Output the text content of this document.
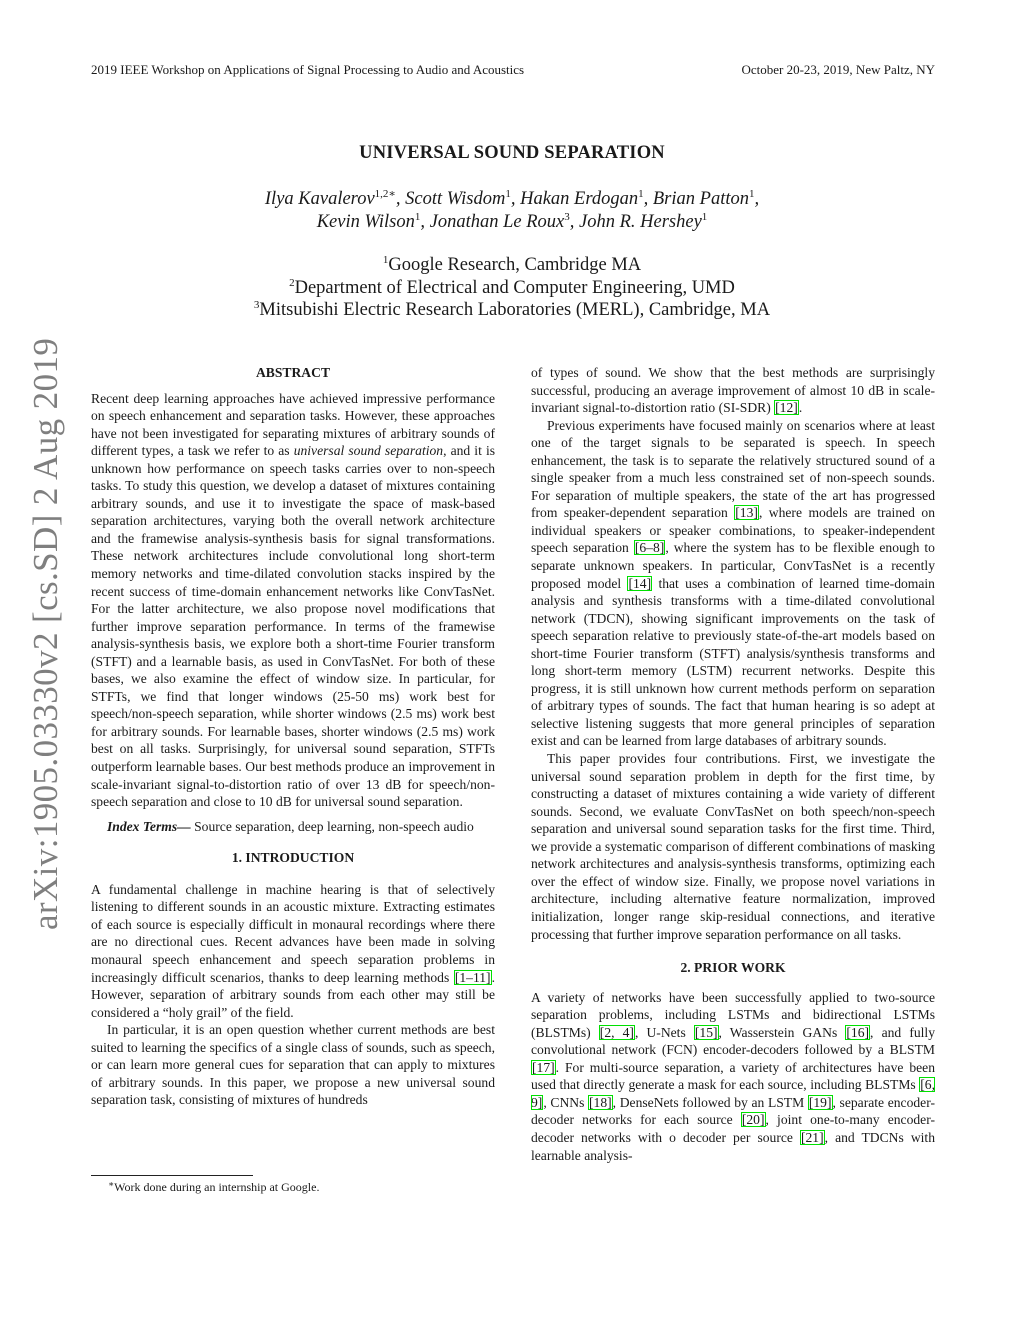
2019 IEEE Workshop on Applications of Signal Processing to Audio and Acoustics	October 20-23, 2019, New Paltz, NY
UNIVERSAL SOUND SEPARATION
Ilya Kavalerov$^{1,2∗}$, Scott Wisdom$^1$, Hakan Erdogan$^1$, Brian Patton$^1$,
Kevin Wilson$^1$, Jonathan Le Roux$^3$, John R. Hershey$^1$
$^1$Google Research, Cambridge MA
$^2$Department of Electrical and Computer Engineering, UMD
$^3$Mitsubishi Electric Research Laboratories (MERL), Cambridge, MA
arXiv:1905.03330v2 [cs.SD] 2 Aug 2019	ABSTRACT

Recent deep learning approaches have achieved impressive performance on speech enhancement and separation tasks. However, these approaches have not been investigated for separating mixtures of arbitrary sounds of different types, a task we refer to as universal sound separation, and it is unknown how performance on speech tasks carries over to non-speech tasks. To study this question, we develop a dataset of mixtures containing arbitrary sounds, and use it to investigate the space of mask-based separation architectures, varying both the overall network architecture and the framewise analysis-synthesis basis for signal transformations. These network architectures include convolutional long short-term memory networks and time-dilated convolution stacks inspired by the recent success of time-domain enhancement networks like ConvTasNet. For the latter architecture, we also propose novel modifications that further improve separation performance. In terms of the framewise analysis-synthesis basis, we explore both a short-time Fourier transform (STFT) and a learnable basis, as used in ConvTasNet. For both of these bases, we also examine the effect of window size. In particular, for STFTs, we find that longer windows (25-50 ms) work best for speech/non-speech separation, while shorter windows (2.5 ms) work best for arbitrary sounds. For learnable bases, shorter windows (2.5 ms) work best on all tasks. Surprisingly, for universal sound separation, STFTs outperform learnable bases. Our best methods produce an improvement in scale-invariant signal-to-distortion ratio of over 13 dB for speech/non-speech separation and close to 10 dB for universal sound separation.

Index Terms— Source separation, deep learning, non-speech audio

1. INTRODUCTION

A fundamental challenge in machine hearing is that of selectively listening to different sounds in an acoustic mixture. Extracting estimates of each source is especially difficult in monaural recordings where there are no directional cues. Recent advances have been made in solving monaural speech enhancement and speech separation problems in increasingly difficult scenarios, thanks to deep learning methods [1–11]. However, separation of arbitrary sounds from each other may still be considered a “holy grail” of the field.

In particular, it is an open question whether current methods are best suited to learning the specifics of a single class of sounds, such as speech, or can learn more general cues for separation that can apply to mixtures of arbitrary sounds. In this paper, we propose a new universal sound separation task, consisting of mixtures of hundreds

of types of sound. We show that the best methods are surprisingly successful, producing an average improvement of almost 10 dB in scale-invariant signal-to-distortion ratio (SI-SDR) [12].

Previous experiments have focused mainly on scenarios where at least one of the target signals to be separated is speech. In speech enhancement, the task is to separate the relatively structured sound of a single speaker from a much less constrained set of non-speech sounds. For separation of multiple speakers, the state of the art has progressed from speaker-dependent separation [13], where models are trained on individual speakers or speaker combinations, to speaker-independent speech separation [6–8], where the system has to be flexible enough to separate unknown speakers. In particular, ConvTasNet is a recently proposed model [14] that uses a combination of learned time-domain analysis and synthesis transforms with a time-dilated convolutional network (TDCN), showing significant improvements on the task of speech separation relative to previously state-of-the-art models based on short-time Fourier transform (STFT) analysis/synthesis transforms and long short-term memory (LSTM) recurrent networks. Despite this progress, it is still unknown how current methods perform on separation of arbitrary types of sounds. The fact that human hearing is so adept at selective listening suggests that more general principles of separation exist and can be learned from large databases of arbitrary sounds.

This paper provides four contributions. First, we investigate the universal sound separation problem in depth for the first time, by constructing a dataset of mixtures containing a wide variety of different sounds. Second, we evaluate ConvTasNet on both speech/non-speech separation and universal sound separation tasks for the first time. Third, we provide a systematic comparison of different combinations of masking network architectures and analysis-synthesis transforms, optimizing each over the effect of window size. Finally, we propose novel variations in architecture, including alternative feature normalization, improved initialization, longer range skip-residual connections, and iterative processing that further improve separation performance on all tasks.

2. PRIOR WORK

A variety of networks have been successfully applied to two-source separation problems, including LSTMs and bidirectional LSTMs (BLSTMs) [2, 4], U-Nets [15], Wasserstein GANs [16], and fully convolutional network (FCN) encoder-decoders followed by a BLSTM [17]. For multi-source separation, a variety of architectures have been used that directly generate a mask for each source, including BLSTMs [6, 9], CNNs [18], DenseNets followed by an LSTM [19], separate encoder-decoder networks for each source [20], joint one-to-many encoder-decoder networks with o decoder per source [21], and TDCNs with learnable analysis-

∗Work done during an internship at Google.
